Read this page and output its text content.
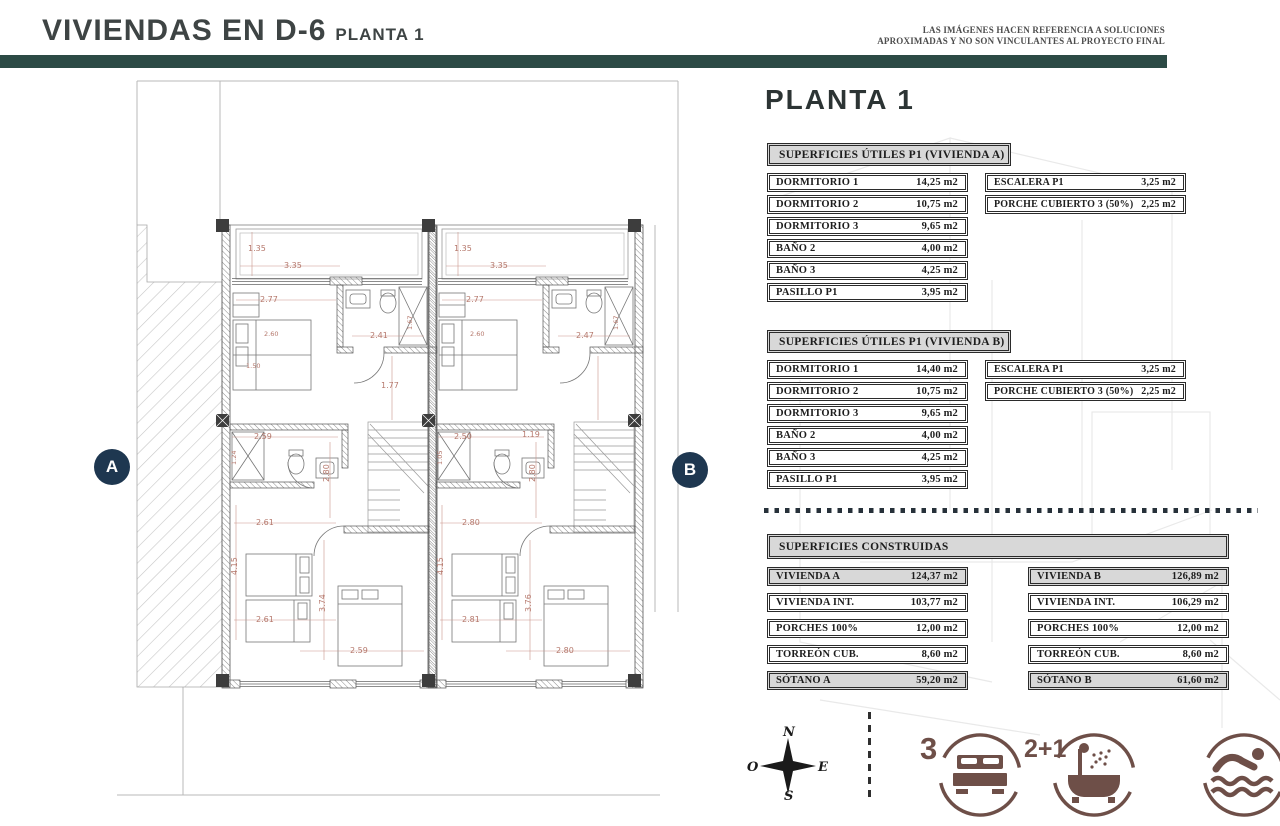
VIVIENDAS EN D-6 PLANTA 1	LAS IMÁGENES HACEN REFERENCIA A SOLUCIONES
APROXIMADAS Y NO SON VINCULANTES AL PROYECTO FINAL
1.35
3.35
2.77
2.60
1.50
2.41
1.67
1.77
2.59
1.24
2.80
2.61
4.15
3.74
2.61
2.59
1.35
3.35
2.77
2.60	2.47
1.67
2.50
1.05
1.19
2.80
2.80
4.15
3.76
2.81
2.80
A	B
PLANTA 1
SUPERFICIES ÚTILES P1 (VIVIENDA A)
DORMITORIO 1	14,25 m2
DORMITORIO 2	10,75 m2
DORMITORIO 3	9,65 m2
BAÑO 2	4,00 m2
BAÑO 3	4,25 m2
PASILLO P1	3,95 m2
ESCALERA P1	3,25 m2
PORCHE CUBIERTO 3 (50%) 2,25 m2
SUPERFICIES ÚTILES P1 (VIVIENDA B)
DORMITORIO 1	14,40 m2
DORMITORIO 2	10,75 m2
DORMITORIO 3	9,65 m2
BAÑO 2	4,00 m2
BAÑO 3	4,25 m2
PASILLO P1	3,95 m2
ESCALERA P1	3,25 m2
PORCHE CUBIERTO 3 (50%) 2,25 m2
SUPERFICIES CONSTRUIDAS
VIVIENDA A	124,37 m2
VIVIENDA INT.	103,77 m2
PORCHES 100%	12,00 m2
TORREÓN CUB.	8,60 m2
SÓTANO A	59,20 m2
VIVIENDA B	126,89 m2
VIVIENDA INT.	106,29 m2
PORCHES 100%	12,00 m2
TORREÓN CUB.	8,60 m2
SÓTANO B	61,60 m2
N
E
O
S
3	2+1
